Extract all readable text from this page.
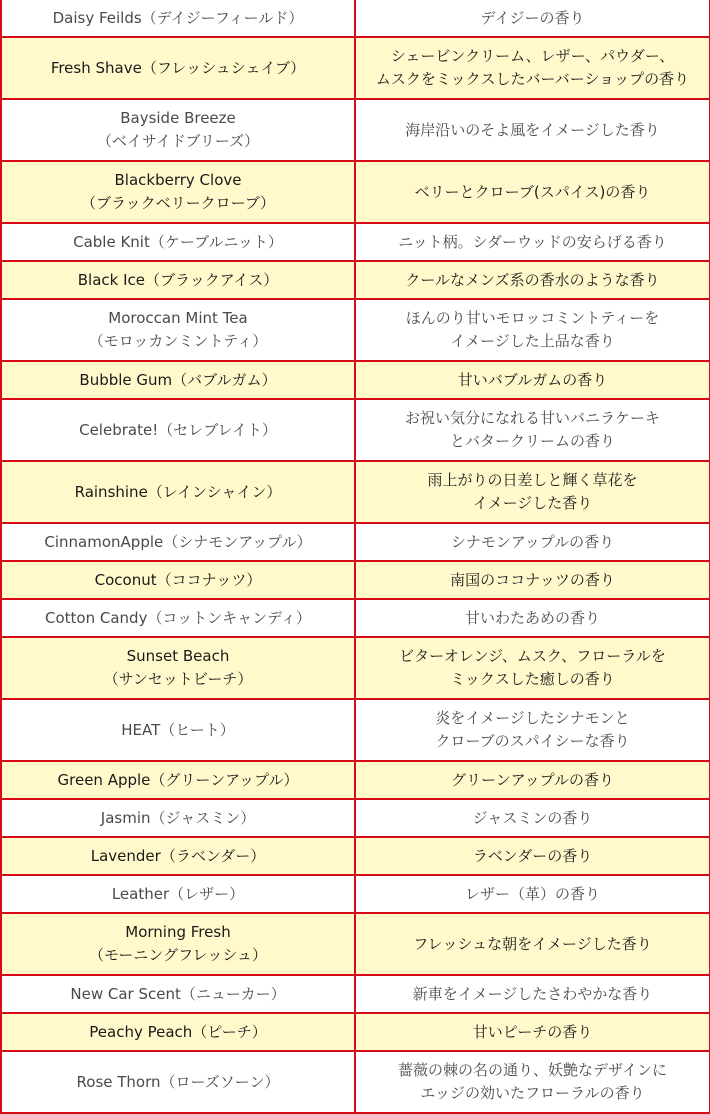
Daisy Feilds（デイジーフィールド）	デイジーの香り
Fresh Shave（フレッシュシェイブ）	シェービンクリーム、レザー、パウダー、
ムスクをミックスしたバーバーショップの香り
Bayside Breeze
（ベイサイドブリーズ）	海岸沿いのそよ風をイメージした香り
Blackberry Clove
（ブラックベリークローブ）	ベリーとクローブ(スパイス)の香り
Cable Knit（ケーブルニット）	ニット柄。シダーウッドの安らげる香り
Black Ice（ブラックアイス）	クールなメンズ系の香水のような香り
Moroccan Mint Tea
（モロッカンミントティ）	ほんのり甘いモロッコミントティーを
イメージした上品な香り
Bubble Gum（バブルガム）	甘いバブルガムの香り
Celebrate!（セレブレイト）	お祝い気分になれる甘いバニラケーキ
とバタークリームの香り
Rainshine（レインシャイン）	雨上がりの日差しと輝く草花を
イメージした香り
CinnamonApple（シナモンアップル）	シナモンアップルの香り
Coconut（ココナッツ）	南国のココナッツの香り
Cotton Candy（コットンキャンディ）	甘いわたあめの香り
Sunset Beach
（サンセットビーチ）	ビターオレンジ、ムスク、フローラルを
ミックスした癒しの香り
HEAT（ヒート）	炎をイメージしたシナモンと
クローブのスパイシーな香り
Green Apple（グリーンアップル）	グリーンアップルの香り
Jasmin（ジャスミン）	ジャスミンの香り
Lavender（ラベンダー）	ラベンダーの香り
Leather（レザー）	レザー（革）の香り
Morning Fresh
（モーニングフレッシュ）	フレッシュな朝をイメージした香り
New Car Scent（ニューカー）	新車をイメージしたさわやかな香り
Peachy Peach（ピーチ）	甘いピーチの香り
Rose Thorn（ローズソーン）	薔薇の棘の名の通り、妖艶なデザインに
エッジの効いたフローラルの香り
